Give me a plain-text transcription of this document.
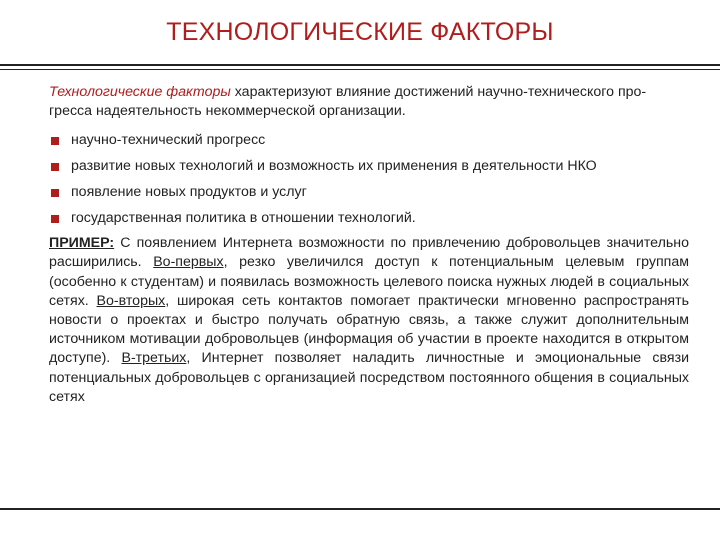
ТЕХНОЛОГИЧЕСКИЕ ФАКТОРЫ
Технологические факторы характеризуют влияние достижений научно-технического про-гресса надеятельность некоммерческой организации.
научно-технический прогресс
развитие новых технологий и возможность их применения в деятельности НКО
появление новых продуктов и услуг
государственная политика в отношении технологий.
ПРИМЕР: С появлением Интернета возможности по привлечению добровольцев значительно расширились. Во-первых, резко увеличился доступ к потенциальным целевым группам (особенно к студентам) и появилась возможность целевого поиска нужных людей в социальных сетях. Во-вторых, широкая сеть контактов помогает практически мгновенно распространять новости о проектах и быстро получать обратную связь, а также служит дополнительным источником мотивации добровольцев (информация об участии в проекте находится в открытом доступе). В-третьих, Интернет позволяет наладить личностные и эмоциональные связи потенциальных добровольцев с организацией посредством постоянного общения в социальных сетях
